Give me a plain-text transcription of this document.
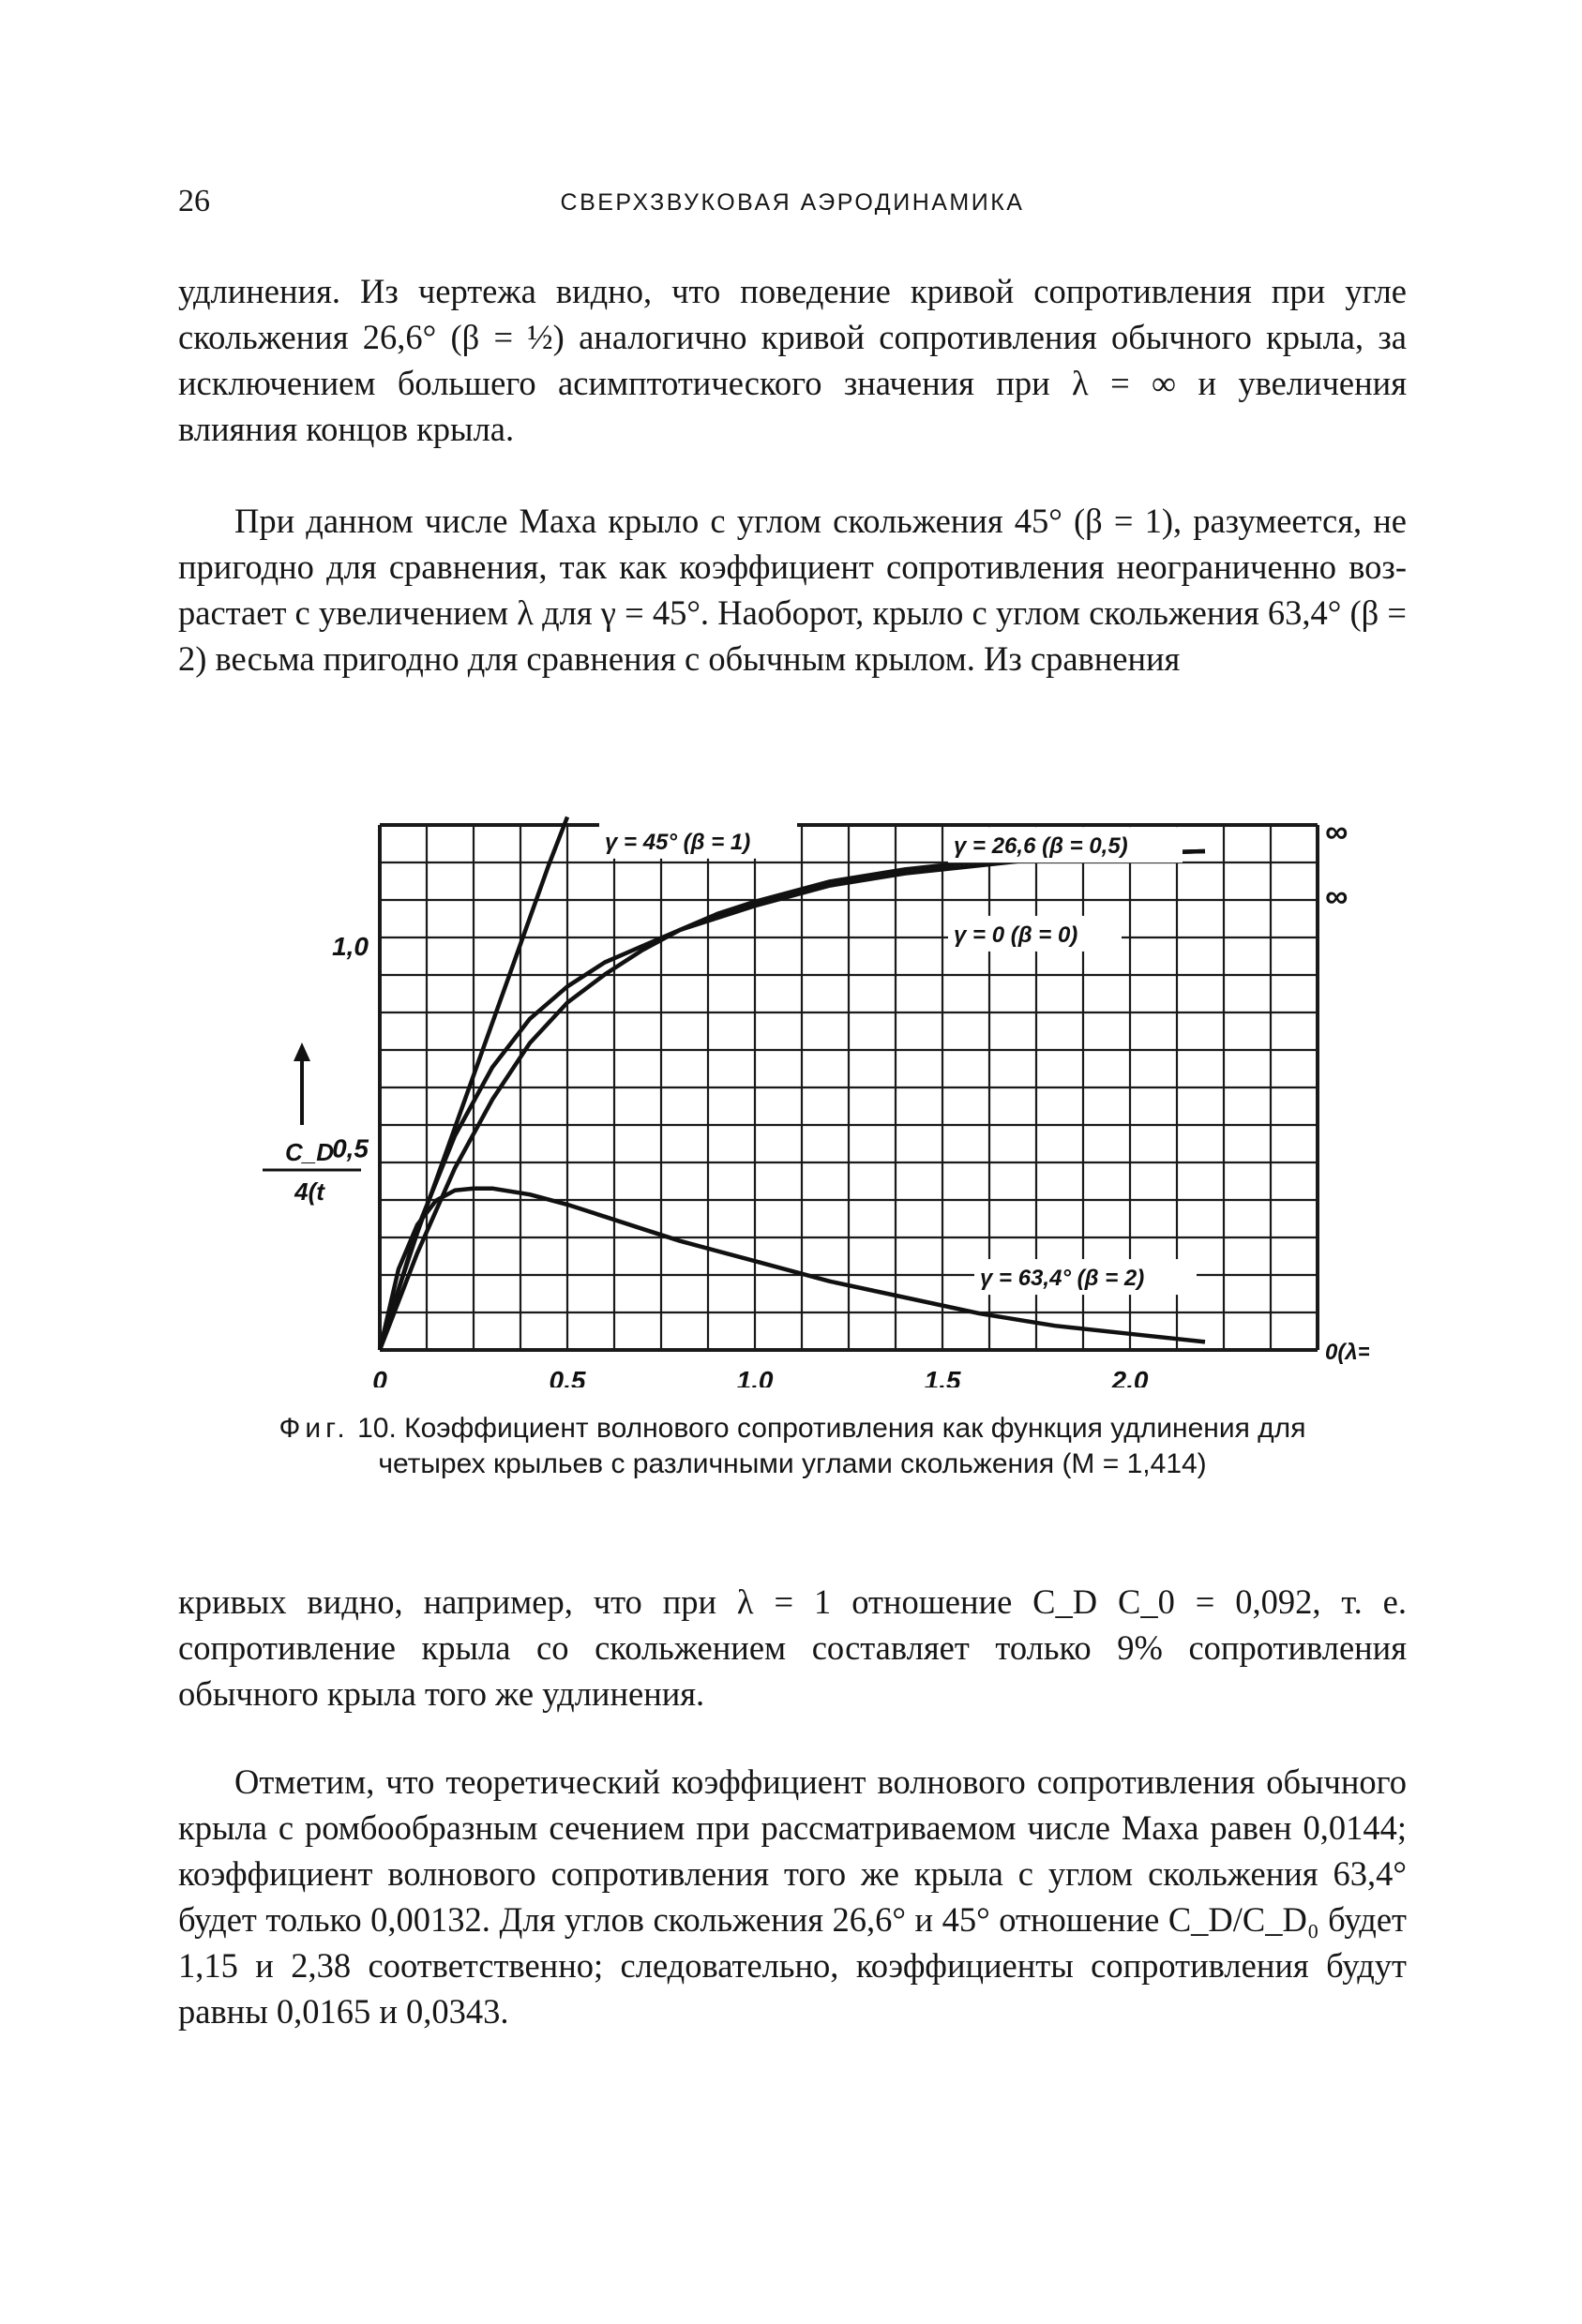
26	СВЕРХЗВУКОВАЯ АЭРОДИНАМИКА

удлинения. Из чертежа видно, что поведение кривой сопротивления при угле скольжения 26,6° (β = ½) аналогично кривой сопротивления обычного крыла, за исключением большего асимптотического значения при λ = ∞ и увеличения влияния концов крыла.

При данном числе Маха крыло с углом скольжения 45° (β = 1), разумеется, не пригодно для сравнения, так как коэффициент сопротивления неограниченно возрастает с увеличением λ для γ = 45°. Наоборот, крыло с углом скольжения 63,4° (β = 2) весьма пригодно для сравнения с обычным крылом. Из сравнения

γ = 45° (β = 1)	γ = 26,6 (β = 0,5)
γ = 0 (β = 0)
γ = 63,4° (β = 2)
∞
∞
0(λ
0	0,5	1,0	1,5	2,0
0,5
1,0
C_D
4(t
Фиг. 10. Коэффициент волнового сопротивления как функция удлинения для четырех крыльев с различными углами скольжения (M = 1,414)

кривых видно, например, что при λ = 1 отношение C_D C_0 = 0,092, т. е. сопротивление крыла со скольжением составляет только 9% сопротивления обычного крыла того же удлинения.

Отметим, что теоретический коэффициент волнового сопротивления обычного крыла с ромбообразным сечением при рассматриваемом числе Маха равен 0,0144; коэффициент волнового сопротивления того же крыла с углом скольжения 63,4° будет только 0,00132. Для углов скольжения 26,6° и 45° отношение C_D/C_D₀ будет 1,15 и 2,38 соответственно; следовательно, коэффициенты сопротивления будут равны 0,0165 и 0,0343.
